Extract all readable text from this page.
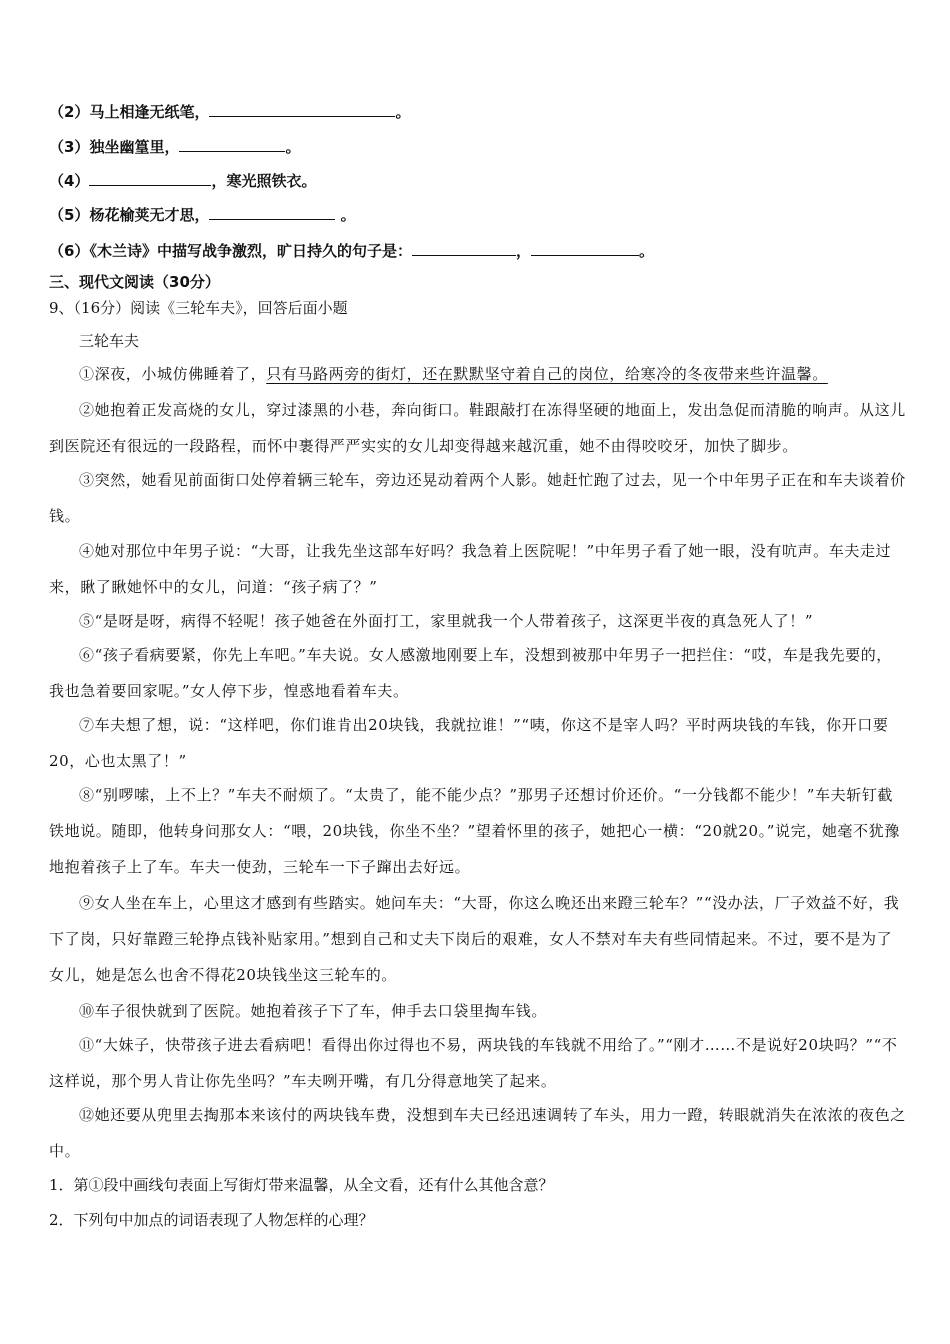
（2）马上相逢无纸笔，	。
（3）独坐幽篁里，	。
（4）	，寒光照铁衣。
（5）杨花榆荚无才思，	。
（6）《木兰诗》中描写战争激烈，旷日持久的句子是：	，	。
三、现代文阅读（30分）
9、（16分）阅读《三轮车夫》，回答后面小题
三轮车夫
①深夜，小城仿佛睡着了，只有马路两旁的街灯，还在默默坚守着自己的岗位，给寒冷的冬夜带来些许温馨。
②她抱着正发高烧的女儿，穿过漆黑的小巷，奔向街口。鞋跟敲打在冻得坚硬的地面上，发出急促而清脆的响声。从这儿到医院还有很远的一段路程，而怀中裹得严严实实的女儿却变得越来越沉重，她不由得咬咬牙，加快了脚步。
③突然，她看见前面街口处停着辆三轮车，旁边还晃动着两个人影。她赶忙跑了过去，见一个中年男子正在和车夫谈着价钱。
④她对那位中年男子说：“大哥，让我先坐这部车好吗？我急着上医院呢！”中年男子看了她一眼，没有吭声。车夫走过来，瞅了瞅她怀中的女儿，问道：“孩子病了？”
⑤“是呀是呀，病得不轻呢！孩子她爸在外面打工，家里就我一个人带着孩子，这深更半夜的真急死人了！”
⑥“孩子看病要紧，你先上车吧。”车夫说。女人感激地刚要上车，没想到被那中年男子一把拦住：“哎，车是我先要的，我也急着要回家呢。”女人停下步，惶惑地看着车夫。
⑦车夫想了想，说：“这样吧，你们谁肯出20块钱，我就拉谁！”“咦，你这不是宰人吗？平时两块钱的车钱，你开口要20，心也太黑了！”
⑧“别啰嗦，上不上？”车夫不耐烦了。“太贵了，能不能少点？”那男子还想讨价还价。“一分钱都不能少！”车夫斩钉截铁地说。随即，他转身问那女人：“喂，20块钱，你坐不坐？”望着怀里的孩子，她把心一横：“20就20。”说完，她毫不犹豫地抱着孩子上了车。车夫一使劲，三轮车一下子蹿出去好远。
⑨女人坐在车上，心里这才感到有些踏实。她问车夫：“大哥，你这么晚还出来蹬三轮车？”“没办法，厂子效益不好，我下了岗，只好靠蹬三轮挣点钱补贴家用。”想到自己和丈夫下岗后的艰难，女人不禁对车夫有些同情起来。不过，要不是为了女儿，她是怎么也舍不得花20块钱坐这三轮车的。
⑩车子很快就到了医院。她抱着孩子下了车，伸手去口袋里掏车钱。
⑪“大妹子，快带孩子进去看病吧！看得出你过得也不易，两块钱的车钱就不用给了。”“刚才……不是说好20块吗？”“不这样说，那个男人肯让你先坐吗？”车夫咧开嘴，有几分得意地笑了起来。
⑫她还要从兜里去掏那本来该付的两块钱车费，没想到车夫已经迅速调转了车头，用力一蹬，转眼就消失在浓浓的夜色之中。
1．第①段中画线句表面上写街灯带来温馨，从全文看，还有什么其他含意？
2．下列句中加点的词语表现了人物怎样的心理？
